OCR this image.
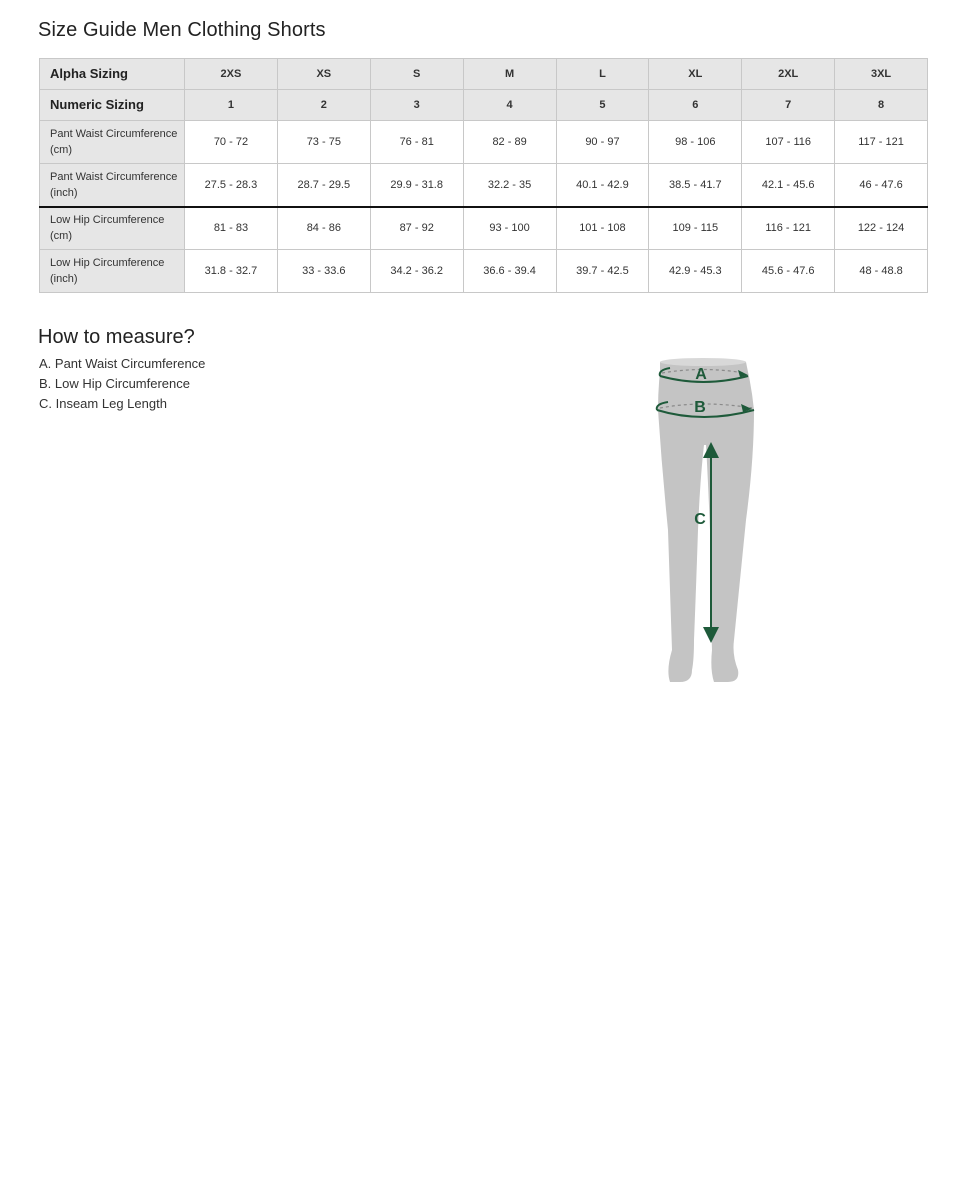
Size Guide Men Clothing Shorts
Alpha Sizing	2XS	XS	S	M	L	XL	2XL	3XL
Numeric Sizing	1	2	3	4	5	6	7	8
Pant Waist Circumference (cm)	70 - 72	73 - 75	76 - 81	82 - 89	90 - 97	98 - 106	107 - 116	117 - 121
Pant Waist Circumference (inch)	27.5 - 28.3	28.7 - 29.5	29.9 - 31.8	32.2 - 35	40.1 - 42.9	38.5 - 41.7	42.1 - 45.6	46 - 47.6
Low Hip Circumference (cm)	81 - 83	84 - 86	87 - 92	93 - 100	101 - 108	109 - 115	116 - 121	122 - 124
Low Hip Circumference (inch)	31.8 - 32.7	33 - 33.6	34.2 - 36.2	36.6 - 39.4	39.7 - 42.5	42.9 - 45.3	45.6 - 47.6	48 - 48.8
How to measure?
A. Pant Waist Circumference
B. Low Hip Circumference
C. Inseam Leg Length
A
B
C
